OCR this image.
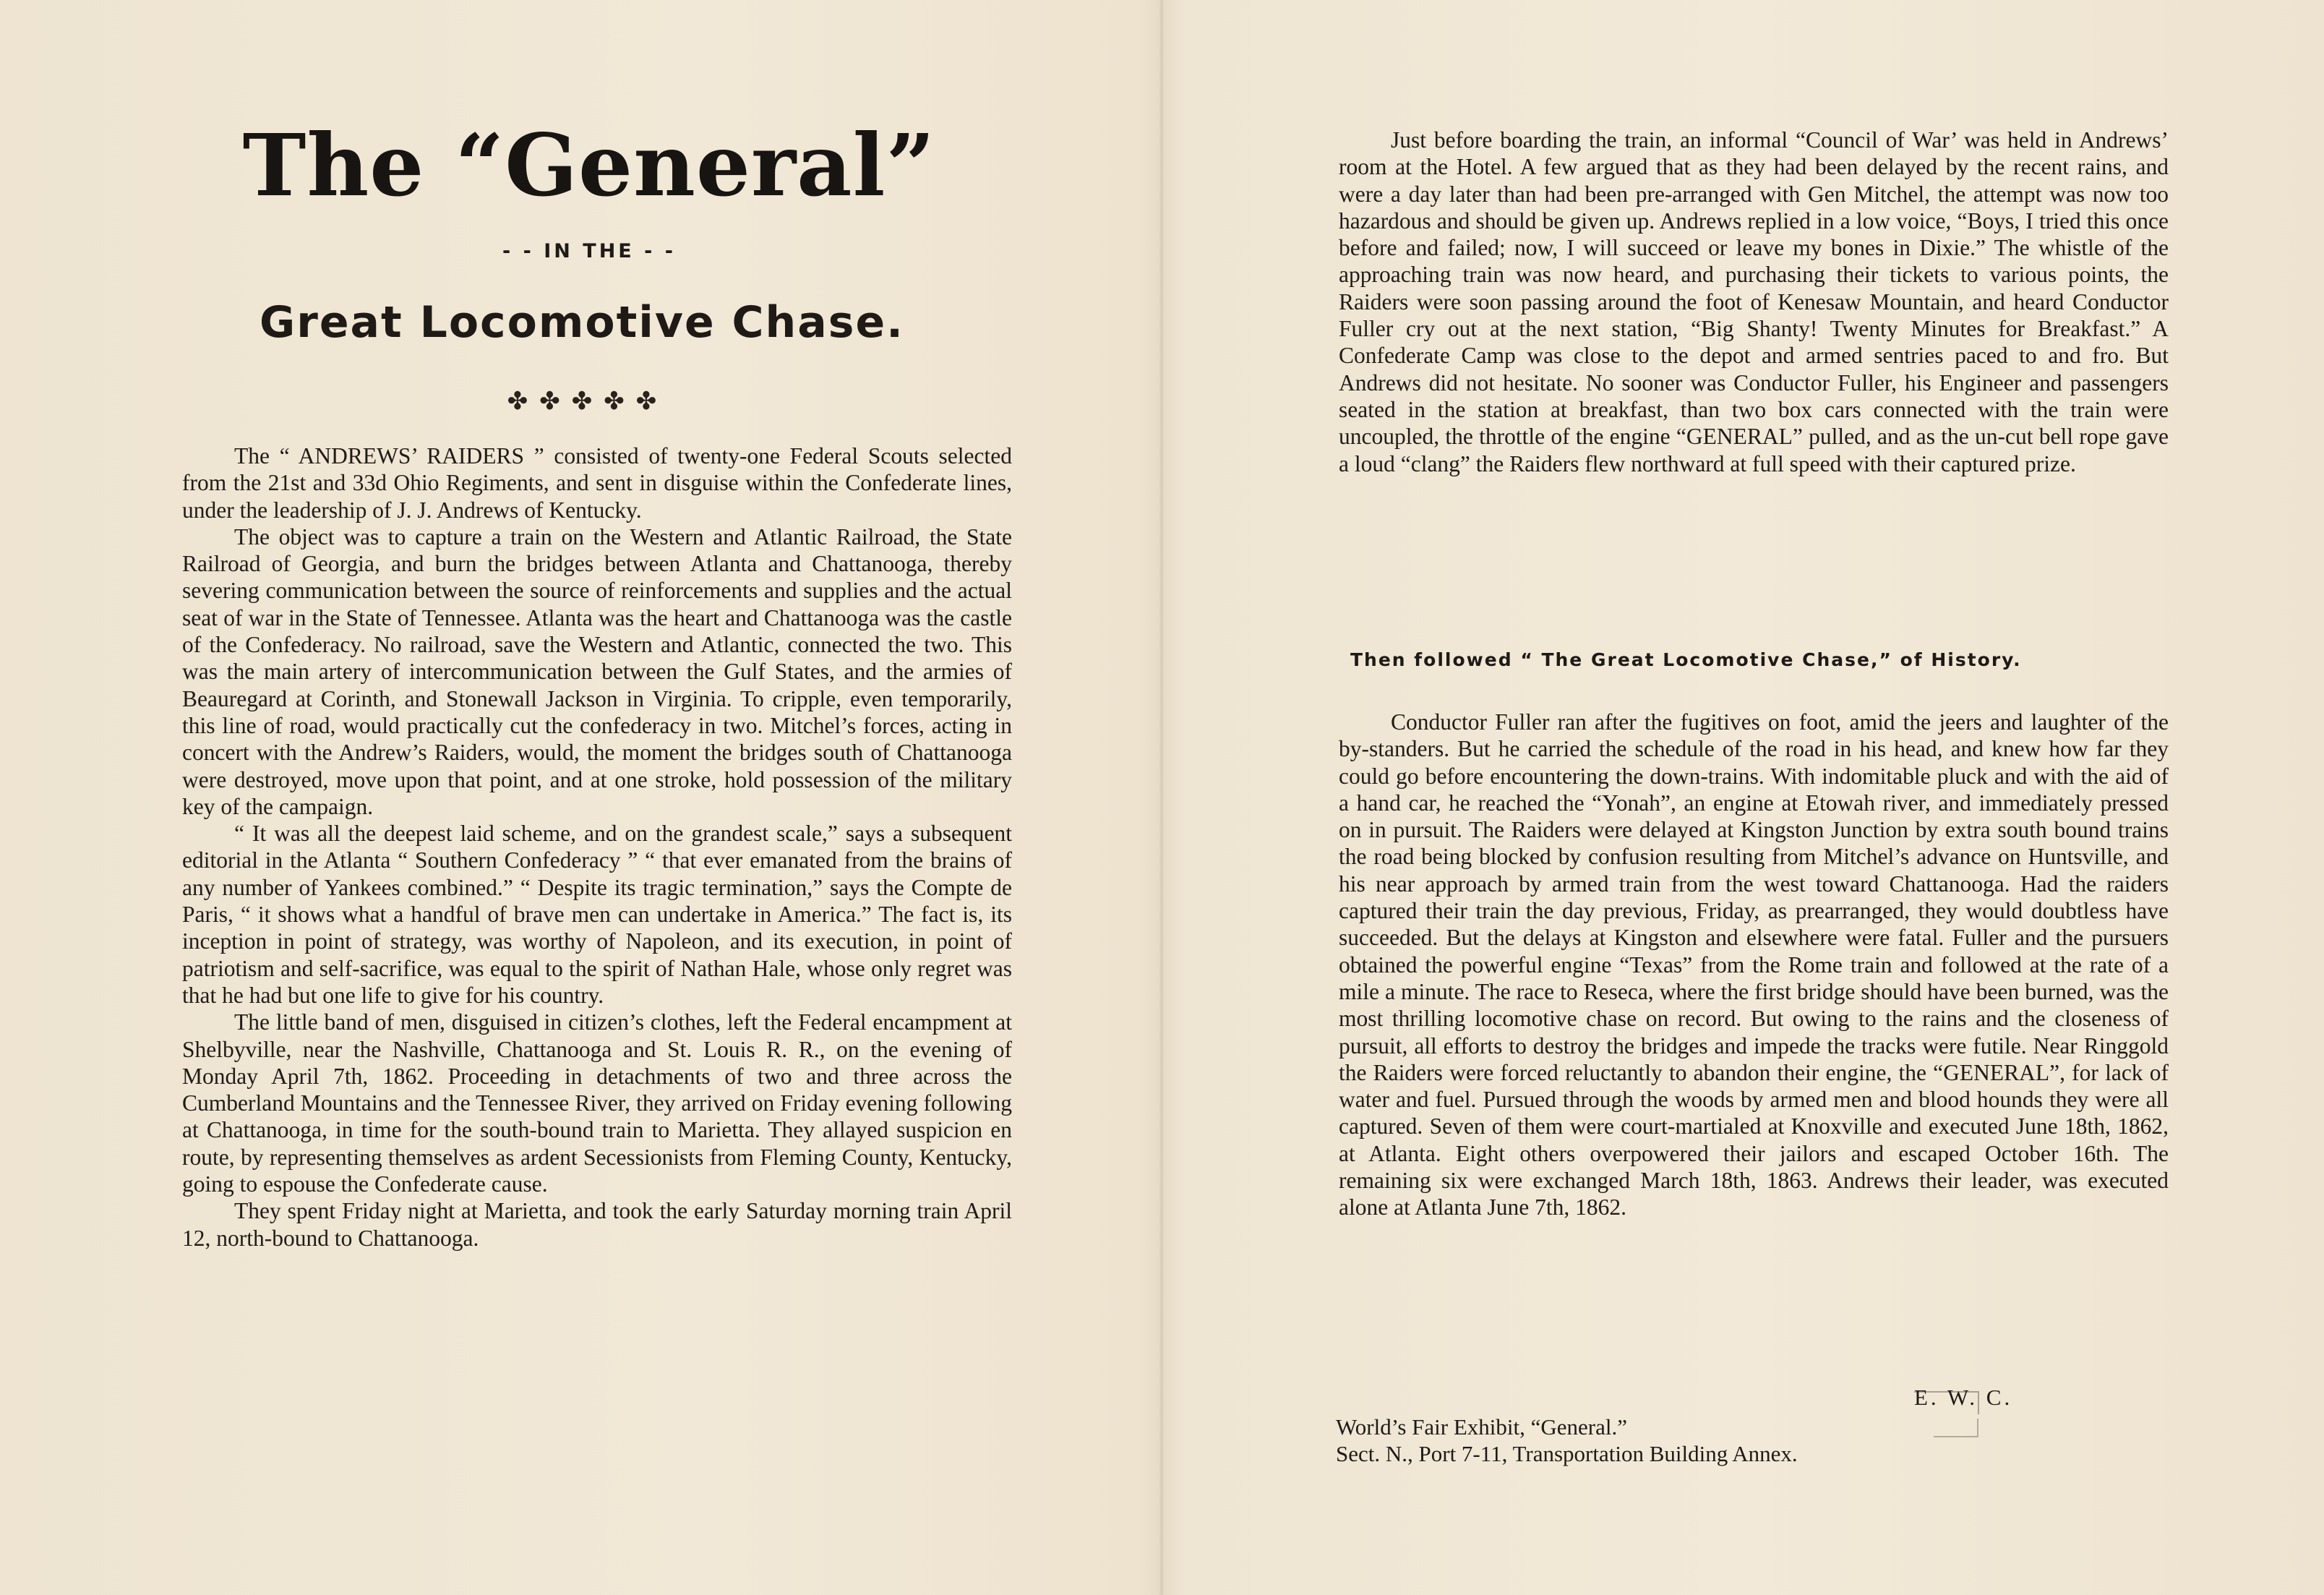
The “General”
- - IN THE - -
Great Locomotive Chase.
✤✤✤✤✤

The “ ANDREWS’ RAIDERS ” consisted of twenty-one Federal Scouts selected from the 21st and 33d Ohio Regiments, and sent in disguise within the Confederate lines, under the leadership of J. J. Andrews of Kentucky.

The object was to capture a train on the Western and Atlantic Railroad, the State Railroad of Georgia, and burn the bridges between Atlanta and Chattanooga, thereby severing communication between the source of reinforcements and supplies and the actual seat of war in the State of Tennessee. Atlanta was the heart and Chattanooga was the castle of the Confederacy. No railroad, save the Western and Atlantic, connected the two. This was the main artery of intercommunication between the Gulf States, and the armies of Beauregard at Corinth, and Stonewall Jackson in Virginia. To cripple, even temporarily, this line of road, would practically cut the confederacy in two. Mitchel’s forces, acting in concert with the Andrew’s Raiders, would, the moment the bridges south of Chattanooga were destroyed, move upon that point, and at one stroke, hold possession of the military key of the campaign.

“ It was all the deepest laid scheme, and on the grandest scale,” says a subsequent editorial in the Atlanta “ Southern Confederacy ” “ that ever emanated from the brains of any number of Yankees combined.” “ Despite its tragic termination,” says the Compte de Paris, “ it shows what a handful of brave men can undertake in America.” The fact is, its inception in point of strategy, was worthy of Napoleon, and its execution, in point of patriotism and self-sacrifice, was equal to the spirit of Nathan Hale, whose only regret was that he had but one life to give for his country.

The little band of men, disguised in citizen’s clothes, left the Federal encampment at Shelbyville, near the Nashville, Chattanooga and St. Louis R. R., on the evening of Monday April 7th, 1862. Proceeding in detachments of two and three across the Cumberland Mountains and the Tennessee River, they arrived on Friday evening following at Chattanooga, in time for the south-bound train to Marietta. They allayed suspicion en route, by representing themselves as ardent Secessionists from Fleming County, Kentucky, going to espouse the Confederate cause.

They spent Friday night at Marietta, and took the early Saturday morning train April 12, north-bound to Chattanooga.

Just before boarding the train, an informal “Council of War’ was held in Andrews’ room at the Hotel. A few argued that as they had been delayed by the recent rains, and were a day later than had been pre-arranged with Gen Mitchel, the attempt was now too hazardous and should be given up. Andrews replied in a low voice, “Boys, I tried this once before and failed; now, I will succeed or leave my bones in Dixie.” The whistle of the approaching train was now heard, and purchasing their tickets to various points, the Raiders were soon passing around the foot of Kenesaw Mountain, and heard Conductor Fuller cry out at the next station, “Big Shanty! Twenty Minutes for Breakfast.” A Confederate Camp was close to the depot and armed sentries paced to and fro. But Andrews did not hesitate. No sooner was Conductor Fuller, his Engineer and passengers seated in the station at breakfast, than two box cars connected with the train were uncoupled, the throttle of the engine “GENERAL” pulled, and as the un-cut bell rope gave a loud “clang” the Raiders flew northward at full speed with their captured prize.

Then followed “ The Great Locomotive Chase,” of History.

Conductor Fuller ran after the fugitives on foot, amid the jeers and laughter of the by-standers. But he carried the schedule of the road in his head, and knew how far they could go before encountering the down-trains. With indomitable pluck and with the aid of a hand car, he reached the “Yonah”, an engine at Etowah river, and immediately pressed on in pursuit. The Raiders were delayed at Kingston Junction by extra south bound trains the road being blocked by confusion resulting from Mitchel’s advance on Huntsville, and his near approach by armed train from the west toward Chattanooga. Had the raiders captured their train the day previous, Friday, as prearranged, they would doubtless have succeeded. But the delays at Kingston and elsewhere were fatal. Fuller and the pursuers obtained the powerful engine “Texas” from the Rome train and followed at the rate of a mile a minute. The race to Reseca, where the first bridge should have been burned, was the most thrilling locomotive chase on record. But owing to the rains and the closeness of pursuit, all efforts to destroy the bridges and impede the tracks were futile. Near Ringgold the Raiders were forced reluctantly to abandon their engine, the “GENERAL”, for lack of water and fuel. Pursued through the woods by armed men and blood hounds they were all captured. Seven of them were court-martialed at Knoxville and executed June 18th, 1862, at Atlanta. Eight others overpowered their jailors and escaped October 16th. The remaining six were exchanged March 18th, 1863. Andrews their leader, was executed alone at Atlanta June 7th, 1862.

E. W. C.
World’s Fair Exhibit, “General.”
Sect. N., Port 7-11, Transportation Building Annex.
